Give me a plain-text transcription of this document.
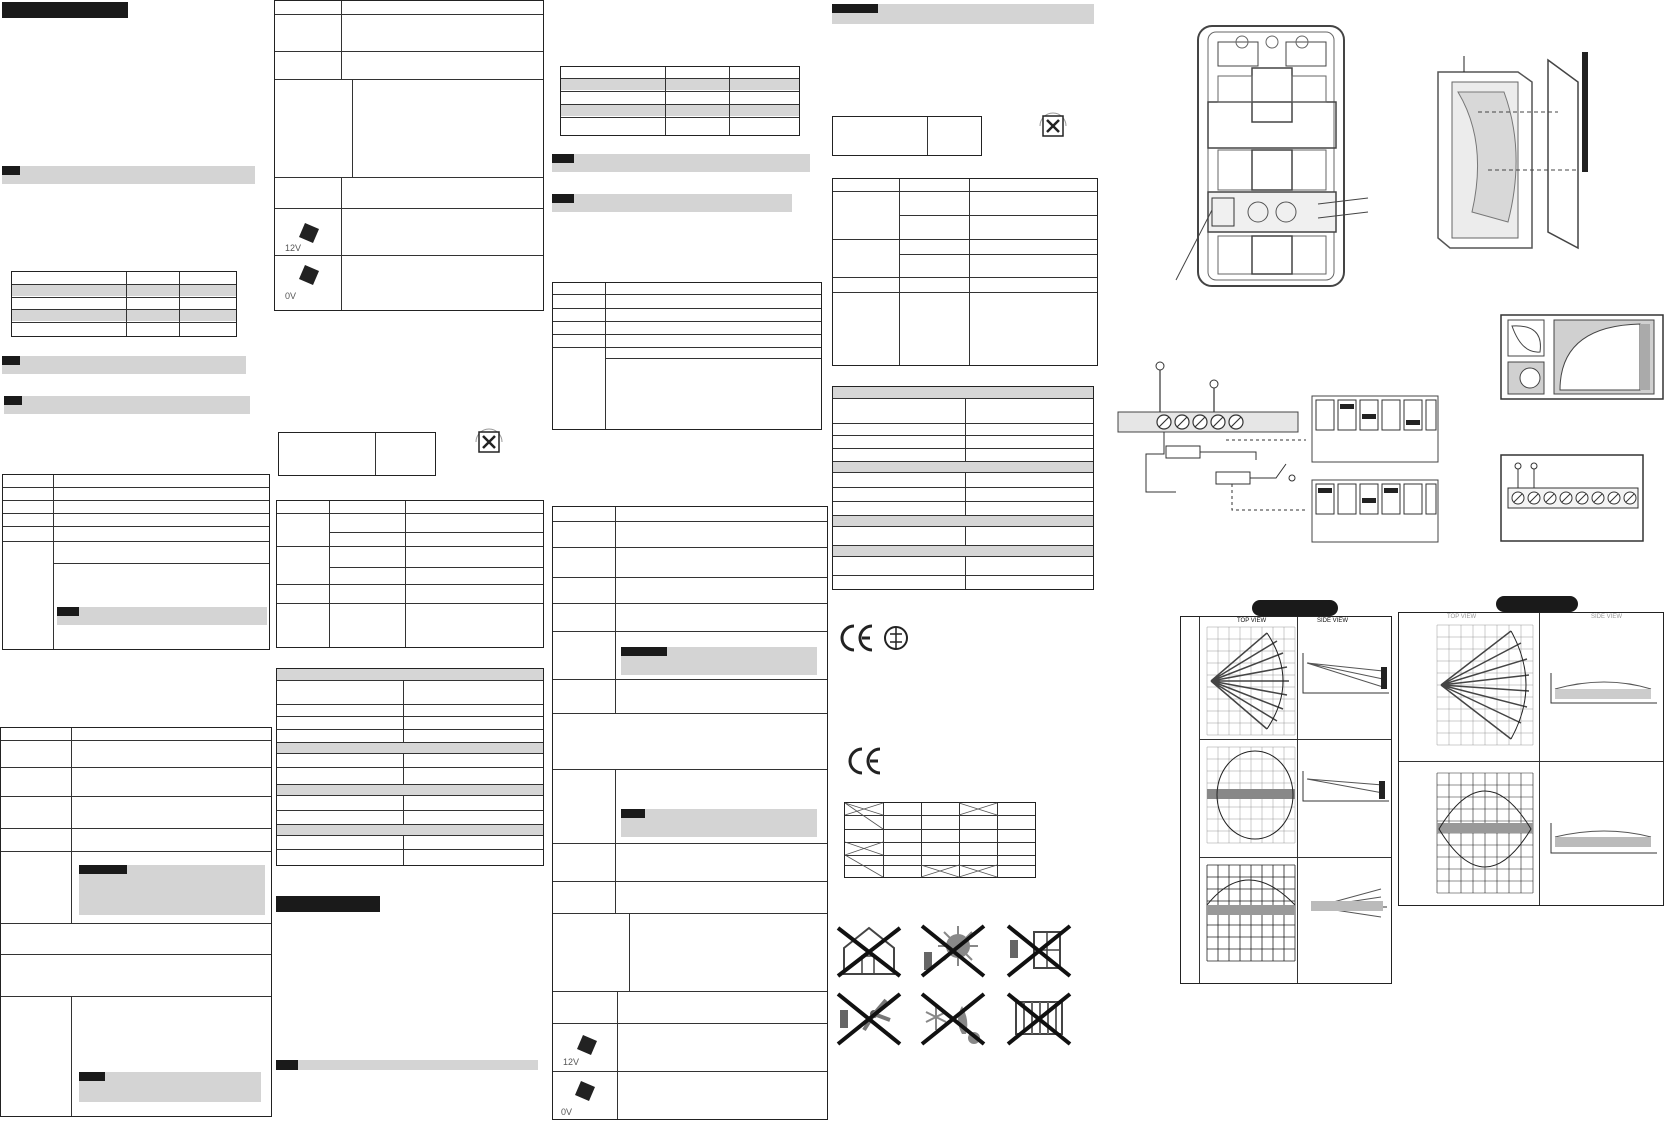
12V
0V
12V
0V
TOP VIEW	SIDE VIEW
TOP VIEW	SIDE VIEW
